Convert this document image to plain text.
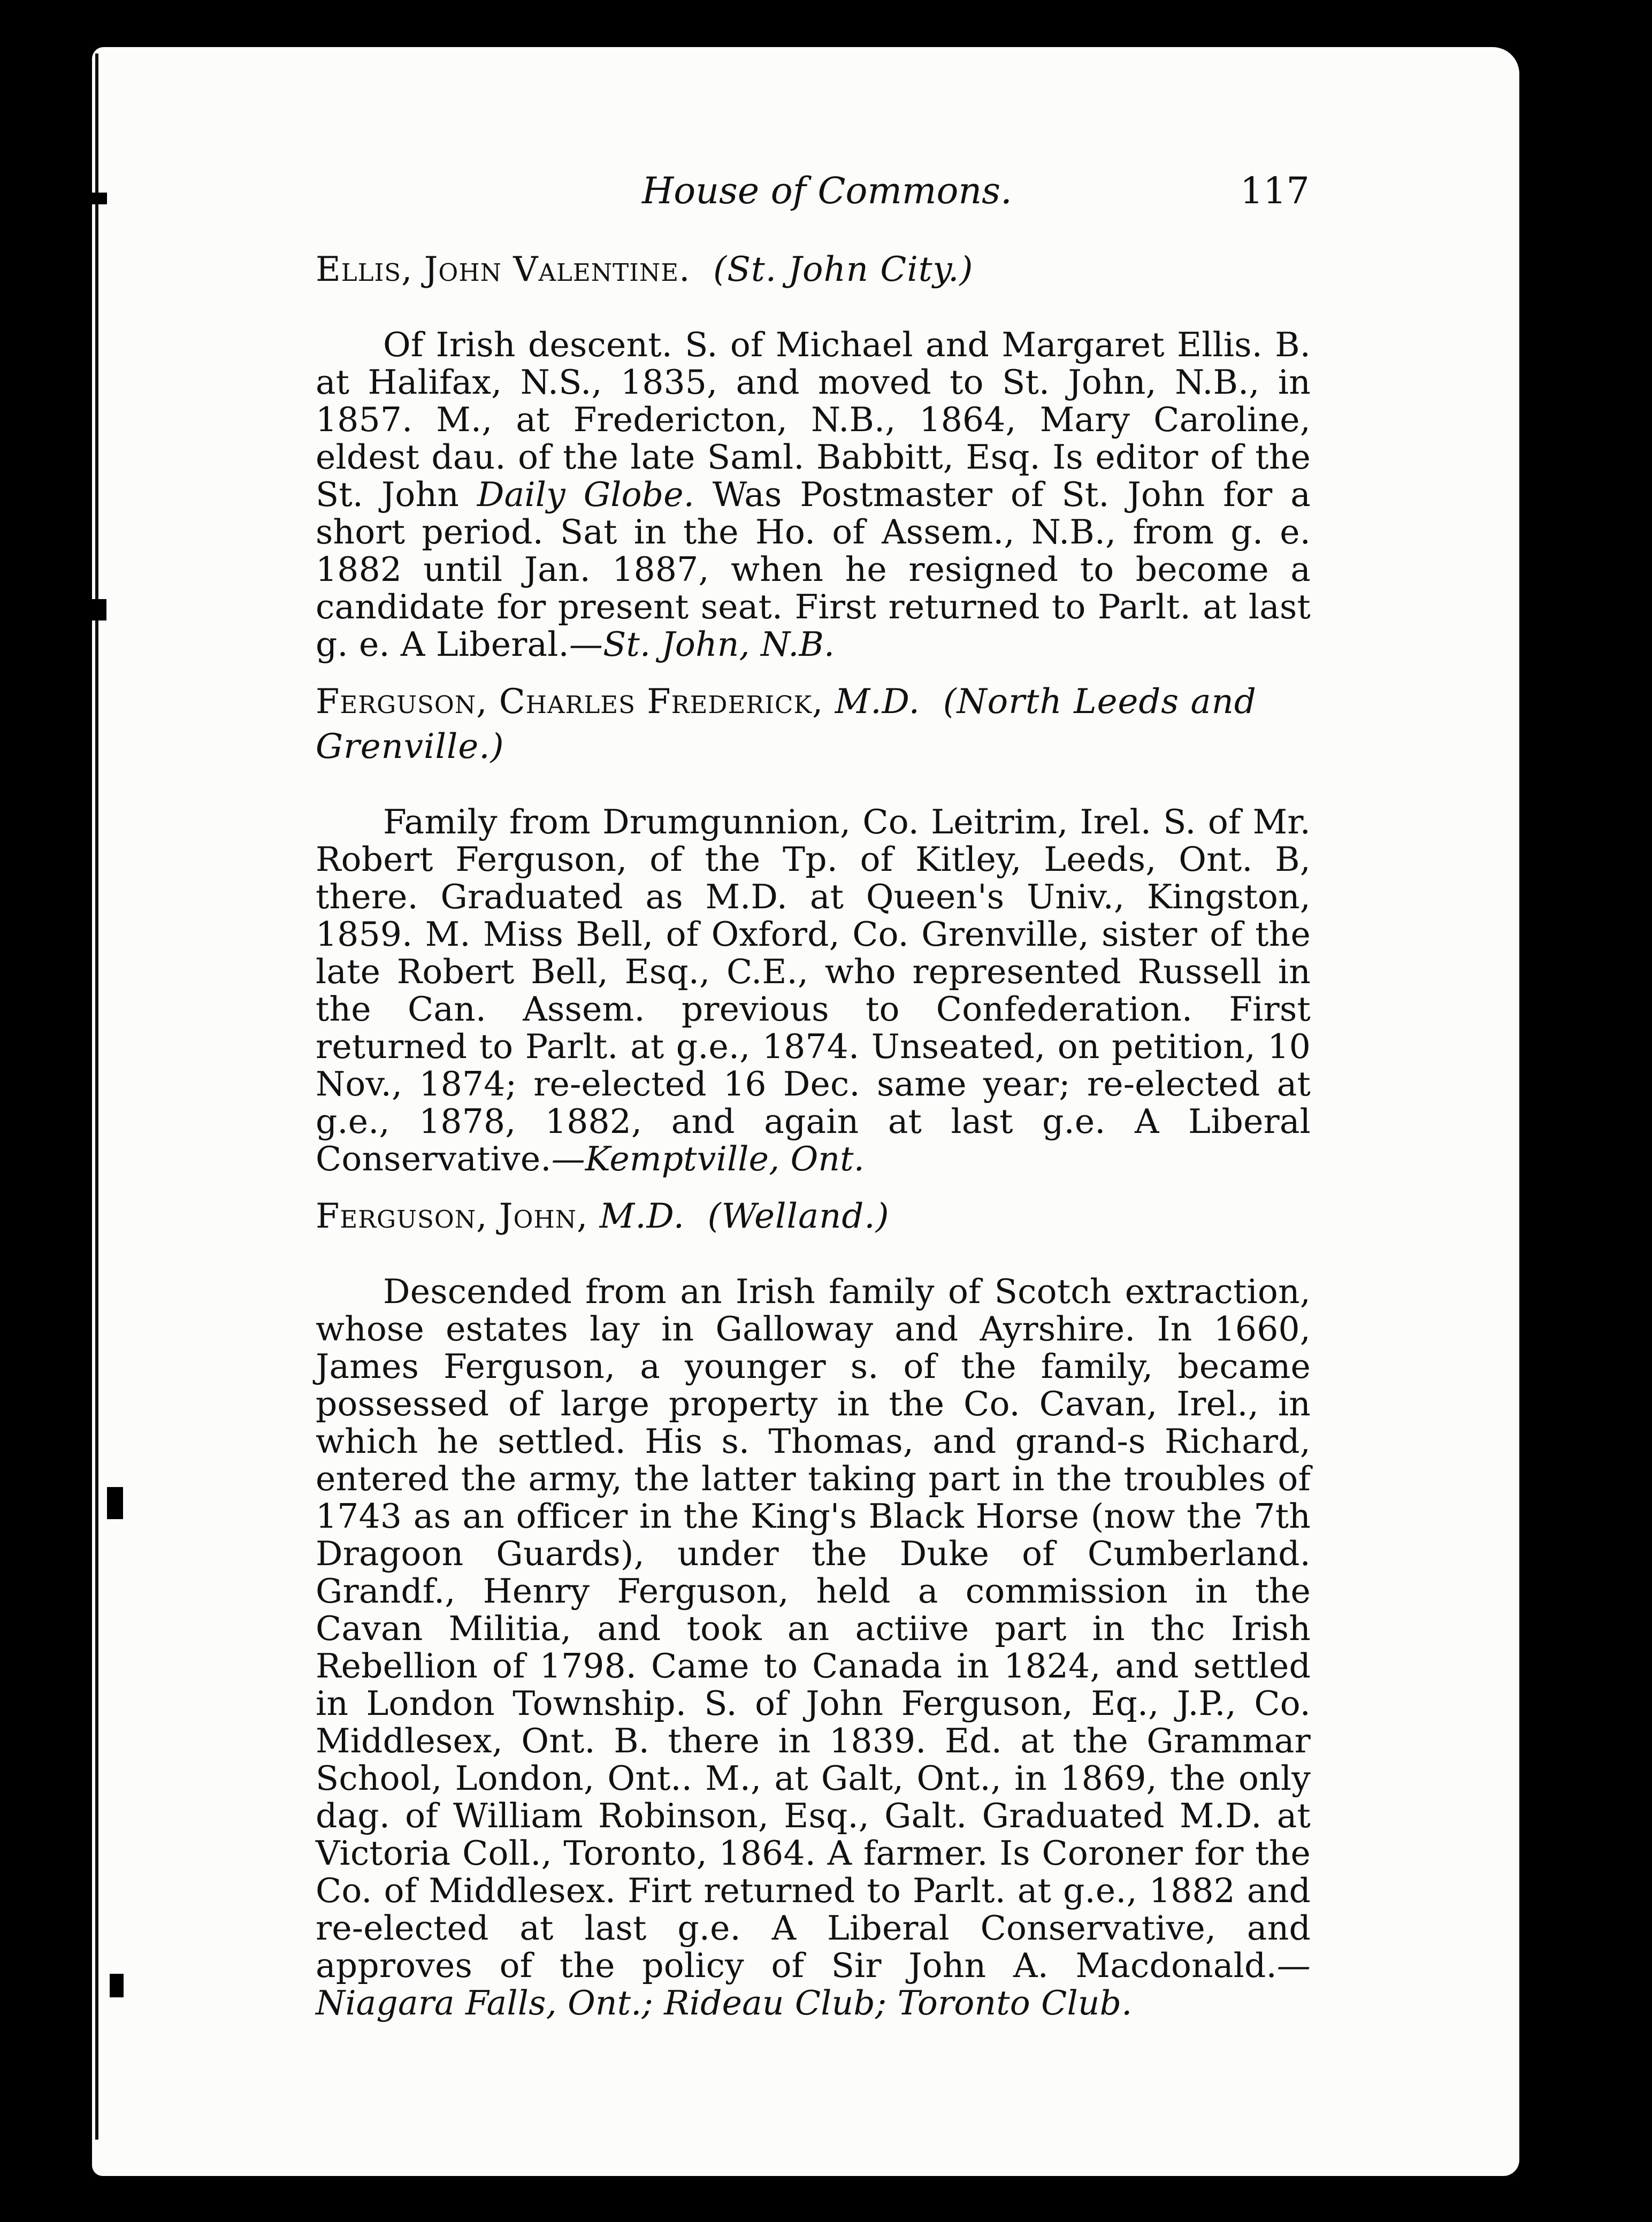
House of Commons.	117

Ellis, John Valentine. (St. John City.)

Of Irish descent. S. of Michael and Margaret Ellis. B. at Halifax, N.S., 1835, and moved to St. John, N.B., in 1857. M., at Fredericton, N.B., 1864, Mary Caroline, eldest dau. of the late Saml. Babbitt, Esq. Is editor of the St. John Daily Globe. Was Postmaster of St. John for a short period. Sat in the Ho. of Assem., N.B., from g. e. 1882 until Jan. 1887, when he resigned to become a candidate for present seat. First returned to Parlt. at last g. e. A Liberal.—St. John, N.B.

Ferguson, Charles Frederick, M.D. (North Leeds and Grenville.)

Family from Drumgunnion, Co. Leitrim, Irel. S. of Mr. Robert Ferguson, of the Tp. of Kitley, Leeds, Ont. B, there. Graduated as M.D. at Queen's Univ., Kingston, 1859. M. Miss Bell, of Oxford, Co. Grenville, sister of the late Robert Bell, Esq., C.E., who represented Russell in the Can. Assem. previous to Confederation. First returned to Parlt. at g.e., 1874. Unseated, on petition, 10 Nov., 1874; re-elected 16 Dec. same year; re-elected at g.e., 1878, 1882, and again at last g.e. A Liberal Conservative.—Kemptville, Ont.

Ferguson, John, M.D. (Welland.)

Descended from an Irish family of Scotch extraction, whose estates lay in Galloway and Ayrshire. In 1660, James Ferguson, a younger s. of the family, became possessed of large property in the Co. Cavan, Irel., in which he settled. His s. Thomas, and grand-s Richard, entered the army, the latter taking part in the troubles of 1743 as an officer in the King's Black Horse (now the 7th Dragoon Guards), under the Duke of Cumberland. Grandf., Henry Ferguson, held a commission in the Cavan Militia, and took an actiive part in thc Irish Rebellion of 1798. Came to Canada in 1824, and settled in London Township. S. of John Ferguson, Eq., J.P., Co. Middlesex, Ont. B. there in 1839. Ed. at the Grammar School, London, Ont.. M., at Galt, Ont., in 1869, the only dag. of William Robinson, Esq., Galt. Graduated M.D. at Victoria Coll., Toronto, 1864. A farmer. Is Coroner for the Co. of Middlesex. Firt returned to Parlt. at g.e., 1882 and re-elected at last g.e. A Liberal Conservative, and approves of the policy of Sir John A. Macdonald.—Niagara Falls, Ont.; Rideau Club; Toronto Club.
